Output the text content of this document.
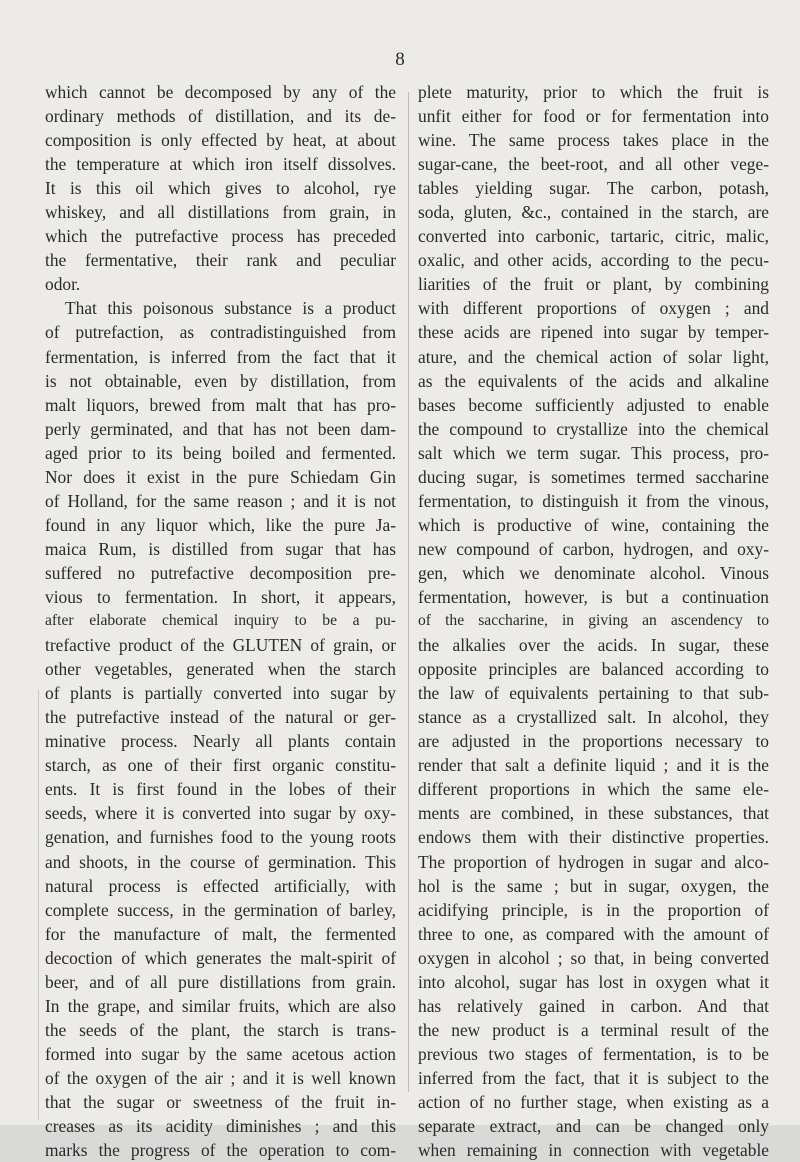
8
which cannot be decomposed by any of the
ordinary methods of distillation, and its de-
composition is only effected by heat, at about
the temperature at which iron itself dissolves.
It is this oil which gives to alcohol, rye
whiskey, and all distillations from grain, in
which the putrefactive process has preceded
the fermentative, their rank and peculiar
odor.
That this poisonous substance is a product
of putrefaction, as contradistinguished from
fermentation, is inferred from the fact that it
is not obtainable, even by distillation, from
malt liquors, brewed from malt that has pro-
perly germinated, and that has not been dam-
aged prior to its being boiled and fermented.
Nor does it exist in the pure Schiedam Gin
of Holland, for the same reason ; and it is not
found in any liquor which, like the pure Ja-
maica Rum, is distilled from sugar that has
suffered no putrefactive decomposition pre-
vious to fermentation. In short, it appears,
after elaborate chemical inquiry to be a pu-
trefactive product of the GLUTEN of grain, or
other vegetables, generated when the starch
of plants is partially converted into sugar by
the putrefactive instead of the natural or ger-
minative process. Nearly all plants contain
starch, as one of their first organic constitu-
ents. It is first found in the lobes of their
seeds, where it is converted into sugar by oxy-
genation, and furnishes food to the young roots
and shoots, in the course of germination. This
natural process is effected artificially, with
complete success, in the germination of barley,
for the manufacture of malt, the fermented
decoction of which generates the malt-spirit of
beer, and of all pure distillations from grain.
In the grape, and similar fruits, which are also
the seeds of the plant, the starch is trans-
formed into sugar by the same acetous action
of the oxygen of the air ; and it is well known
that the sugar or sweetness of the fruit in-
creases as its acidity diminishes ; and this
marks the progress of the operation to com-
plete maturity, prior to which the fruit is
unfit either for food or for fermentation into
wine. The same process takes place in the
sugar-cane, the beet-root, and all other vege-
tables yielding sugar. The carbon, potash,
soda, gluten, &c., contained in the starch, are
converted into carbonic, tartaric, citric, malic,
oxalic, and other acids, according to the pecu-
liarities of the fruit or plant, by combining
with different proportions of oxygen ; and
these acids are ripened into sugar by temper-
ature, and the chemical action of solar light,
as the equivalents of the acids and alkaline
bases become sufficiently adjusted to enable
the compound to crystallize into the chemical
salt which we term sugar. This process, pro-
ducing sugar, is sometimes termed saccharine
fermentation, to distinguish it from the vinous,
which is productive of wine, containing the
new compound of carbon, hydrogen, and oxy-
gen, which we denominate alcohol. Vinous
fermentation, however, is but a continuation
of the saccharine, in giving an ascendency to
the alkalies over the acids. In sugar, these
opposite principles are balanced according to
the law of equivalents pertaining to that sub-
stance as a crystallized salt. In alcohol, they
are adjusted in the proportions necessary to
render that salt a definite liquid ; and it is the
different proportions in which the same ele-
ments are combined, in these substances, that
endows them with their distinctive properties.
The proportion of hydrogen in sugar and alco-
hol is the same ; but in sugar, oxygen, the
acidifying principle, is in the proportion of
three to one, as compared with the amount of
oxygen in alcohol ; so that, in being converted
into alcohol, sugar has lost in oxygen what it
has relatively gained in carbon. And that
the new product is a terminal result of the
previous two stages of fermentation, is to be
inferred from the fact, that it is subject to the
action of no further stage, when existing as a
separate extract, and can be changed only
when remaining in connection with vegetable
